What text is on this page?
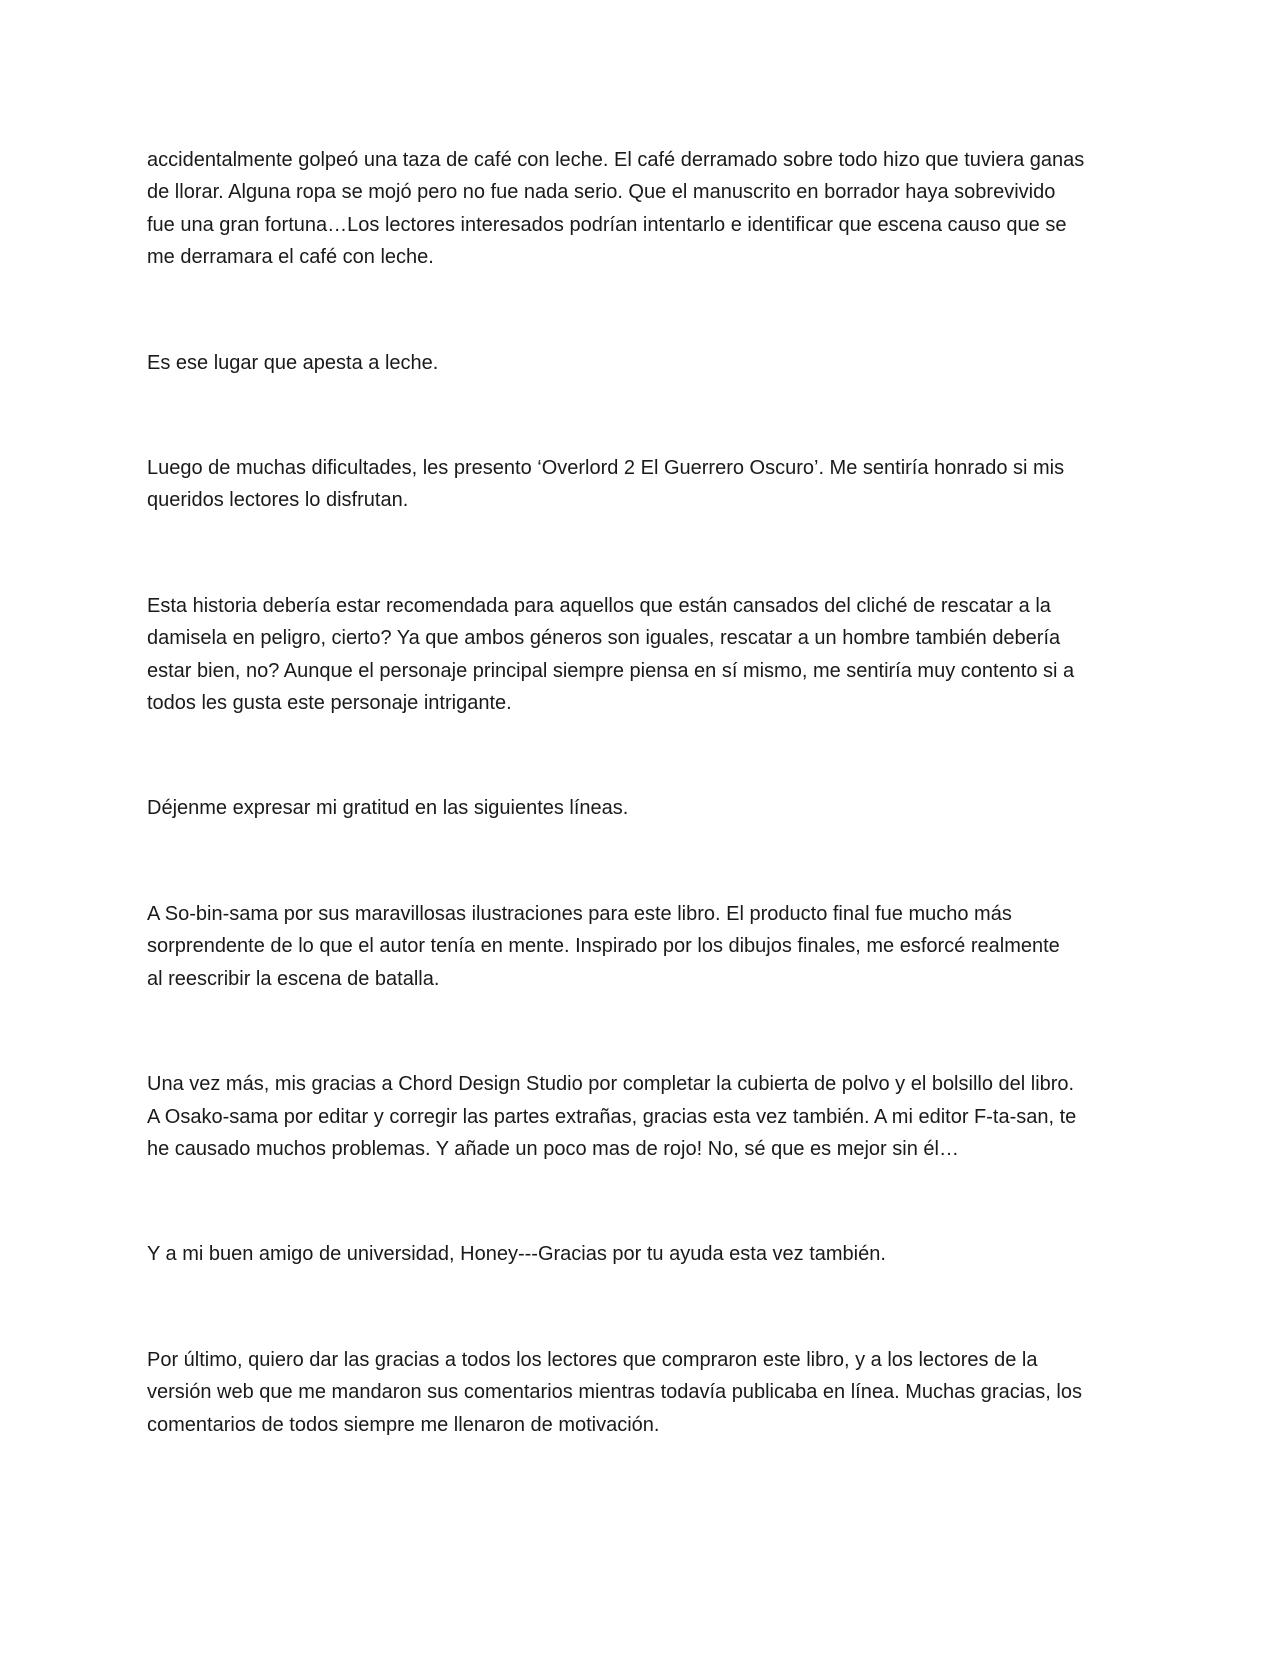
accidentalmente golpeó una taza de café con leche. El café derramado sobre todo hizo que tuviera ganas
de llorar. Alguna ropa se mojó pero no fue nada serio. Que el manuscrito en borrador haya sobrevivido
fue una gran fortuna…Los lectores interesados podrían intentarlo e identificar que escena causo que se
me derramara el café con leche.

Es ese lugar que apesta a leche.

Luego de muchas dificultades, les presento ‘Overlord 2 El Guerrero Oscuro’. Me sentiría honrado si mis
queridos lectores lo disfrutan.

Esta historia debería estar recomendada para aquellos que están cansados del cliché de rescatar a la
damisela en peligro, cierto? Ya que ambos géneros son iguales, rescatar a un hombre también debería
estar bien, no? Aunque el personaje principal siempre piensa en sí mismo, me sentiría muy contento si a
todos les gusta este personaje intrigante.

Déjenme expresar mi gratitud en las siguientes líneas.

A So-bin-sama por sus maravillosas ilustraciones para este libro. El producto final fue mucho más
sorprendente de lo que el autor tenía en mente. Inspirado por los dibujos finales, me esforcé realmente
al reescribir la escena de batalla.

Una vez más, mis gracias a Chord Design Studio por completar la cubierta de polvo y el bolsillo del libro.
A Osako-sama por editar y corregir las partes extrañas, gracias esta vez también. A mi editor F-ta-san, te
he causado muchos problemas. Y añade un poco mas de rojo! No, sé que es mejor sin él…

Y a mi buen amigo de universidad, Honey---Gracias por tu ayuda esta vez también.

Por último, quiero dar las gracias a todos los lectores que compraron este libro, y a los lectores de la
versión web que me mandaron sus comentarios mientras todavía publicaba en línea. Muchas gracias, los
comentarios de todos siempre me llenaron de motivación.
